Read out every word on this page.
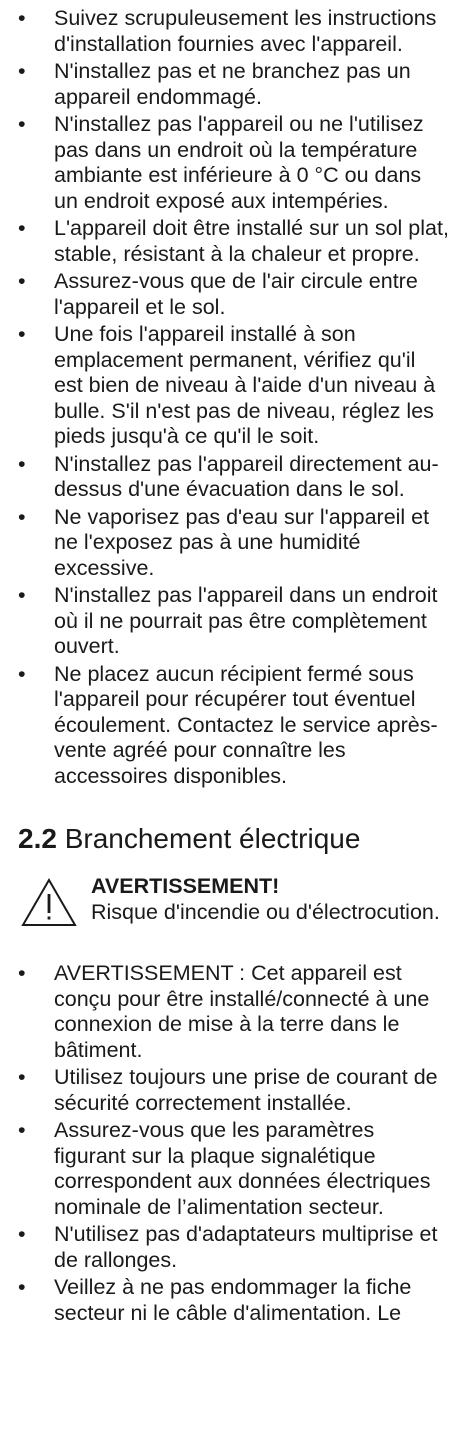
• Suivez scrupuleusement les instructions d'installation fournies avec l'appareil.
• N'installez pas et ne branchez pas un appareil endommagé.
• N'installez pas l'appareil ou ne l'utilisez pas dans un endroit où la température ambiante est inférieure à 0 °C ou dans un endroit exposé aux intempéries.
• L'appareil doit être installé sur un sol plat, stable, résistant à la chaleur et propre.
• Assurez-vous que de l'air circule entre l'appareil et le sol.
• Une fois l'appareil installé à son emplacement permanent, vérifiez qu'il est bien de niveau à l'aide d'un niveau à bulle. S'il n'est pas de niveau, réglez les pieds jusqu'à ce qu'il le soit.
• N'installez pas l'appareil directement au-dessus d'une évacuation dans le sol.
• Ne vaporisez pas d'eau sur l'appareil et ne l'exposez pas à une humidité excessive.
• N'installez pas l'appareil dans un endroit où il ne pourrait pas être complètement ouvert.
• Ne placez aucun récipient fermé sous l'appareil pour récupérer tout éventuel écoulement. Contactez le service après-vente agréé pour connaître les accessoires disponibles.
2.2 Branchement électrique
AVERTISSEMENT!
Risque d'incendie ou d'électrocution.
• AVERTISSEMENT : Cet appareil est conçu pour être installé/connecté à une connexion de mise à la terre dans le bâtiment.
• Utilisez toujours une prise de courant de sécurité correctement installée.
• Assurez-vous que les paramètres figurant sur la plaque signalétique correspondent aux données électriques nominale de l’alimentation secteur.
• N'utilisez pas d'adaptateurs multiprise et de rallonges.
• Veillez à ne pas endommager la fiche secteur ni le câble d'alimentation. Le
